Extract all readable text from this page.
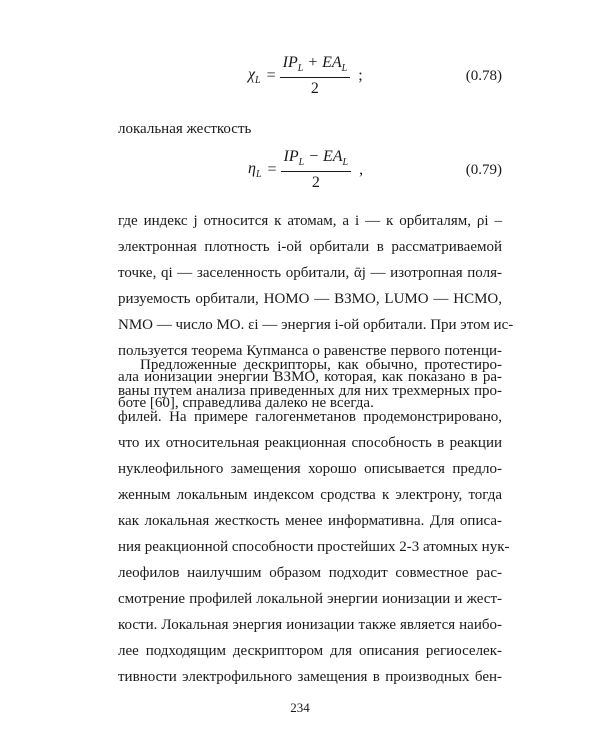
$\chi_L = \frac{IP_L + EA_L}{2}$ ;	(0.78)
локальная жесткость
$\eta_L = \frac{IP_L - EA_L}{2}$ ,	(0.79)
где индекс j относится к атомам, а i — к орбиталям, ρi –
электронная плотность i-ой орбитали в рассматриваемой
точке, qi — заселенность орбитали, ᾱj — изотропная поля-
ризуемость орбитали, HOMO — ВЗМО, LUMO — НСМО,
NMO — число МО. εi — энергия i-ой орбитали. При этом ис-
пользуется теорема Купманса о равенстве первого потенци-
ала ионизации энергии ВЗМО, которая, как показано в ра-
боте [60], справедлива далеко не всегда.
Предложенные дескрипторы, как обычно, протестиро-
ваны путем анализа приведенных для них трехмерных про-
филей. На примере галогенметанов продемонстрировано,
что их относительная реакционная способность в реакции
нуклеофильного замещения хорошо описывается предло-
женным локальным индексом сродства к электрону, тогда
как локальная жесткость менее информативна. Для описа-
ния реакционной способности простейших 2-3 атомных нук-
леофилов наилучшим образом подходит совместное рас-
смотрение профилей локальной энергии ионизации и жест-
кости. Локальная энергия ионизации также является наибо-
лее подходящим дескриптором для описания региоселек-
тивности электрофильного замещения в производных бен-
234
